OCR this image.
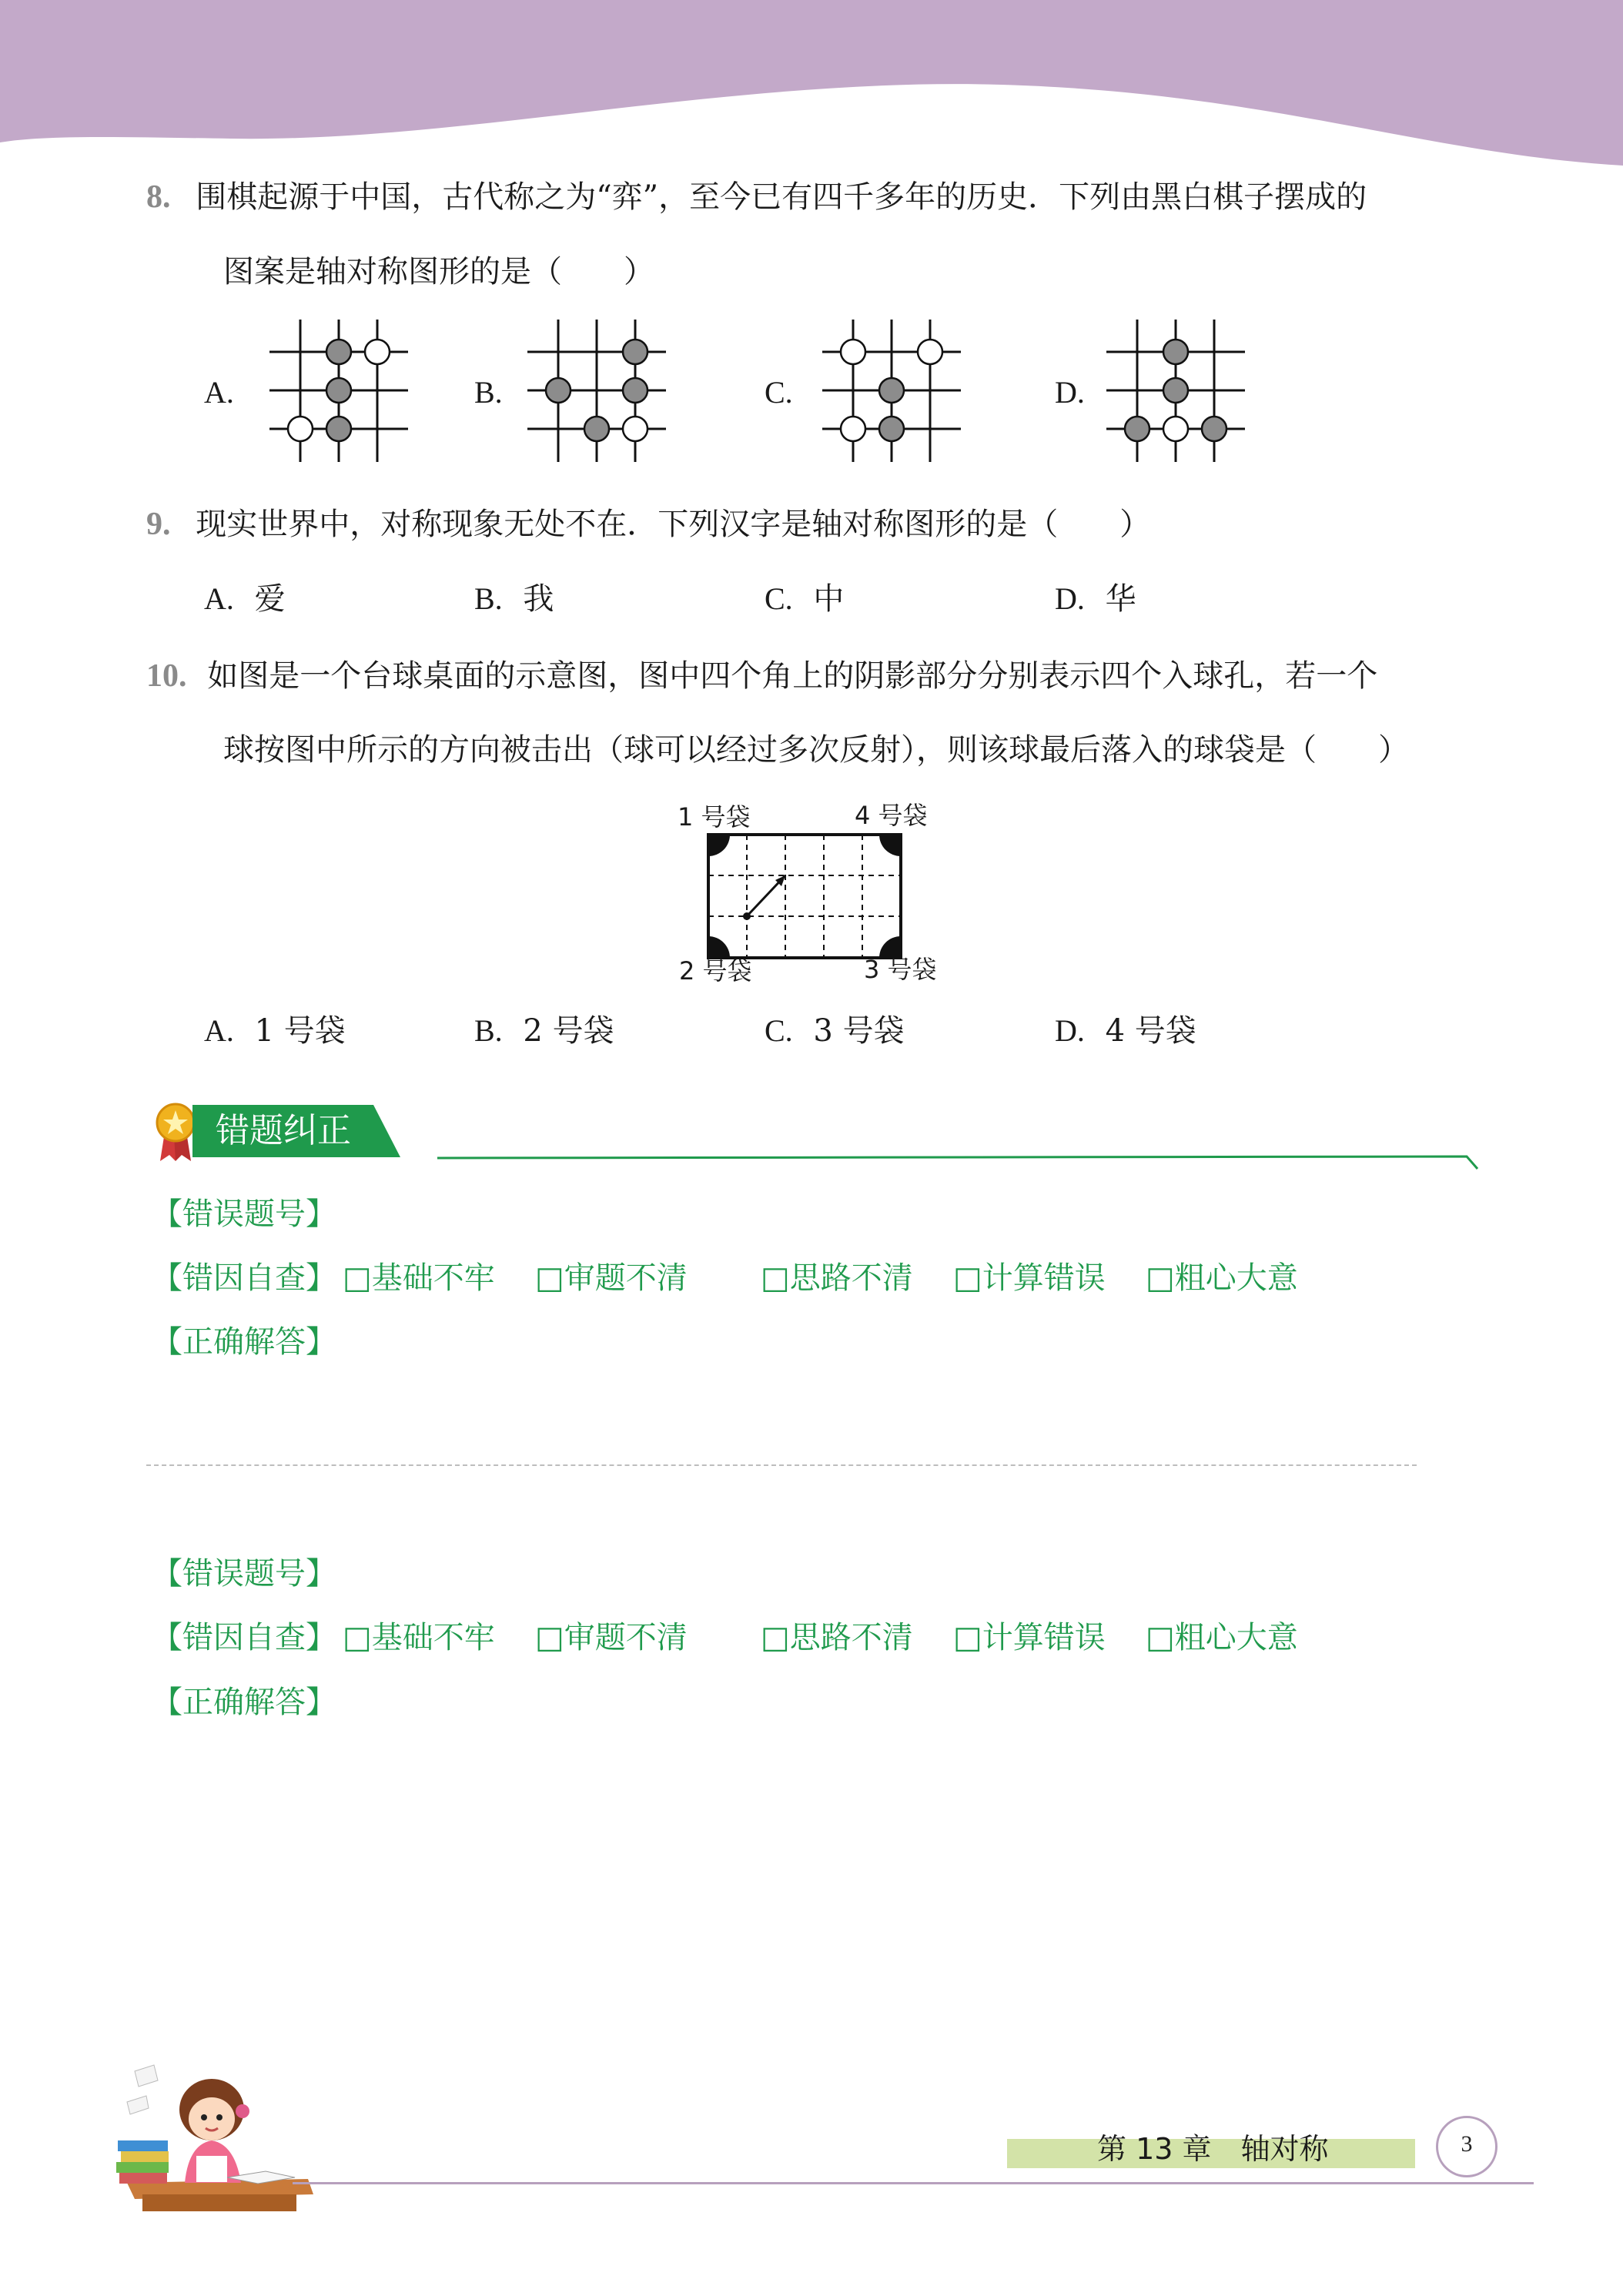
8. 围棋起源于中国，古代称之为“弈”，至今已有四千多年的历史．下列由黑白棋子摆成的
图案是轴对称图形的是（　　）
A.	B.	C.	D.
9. 现实世界中，对称现象无处不在．下列汉字是轴对称图形的是（　　）
A. 爱	B. 我	C. 中	D. 华
10. 如图是一个台球桌面的示意图，图中四个角上的阴影部分分别表示四个入球孔，若一个
球按图中所示的方向被击出（球可以经过多次反射），则该球最后落入的球袋是（　　）
1 号袋	4 号袋
2 号袋	3 号袋
A. 1 号袋	B. 2 号袋	C. 3 号袋	D. 4 号袋
错题纠正
【错误题号】
【错因自查】 □基础不牢 □审题不清 □思路不清 □计算错误 □粗心大意
【正确解答】
【错误题号】
【错因自查】 □基础不牢 □审题不清 □思路不清 □计算错误 □粗心大意
【正确解答】
第 13 章　轴对称	3
